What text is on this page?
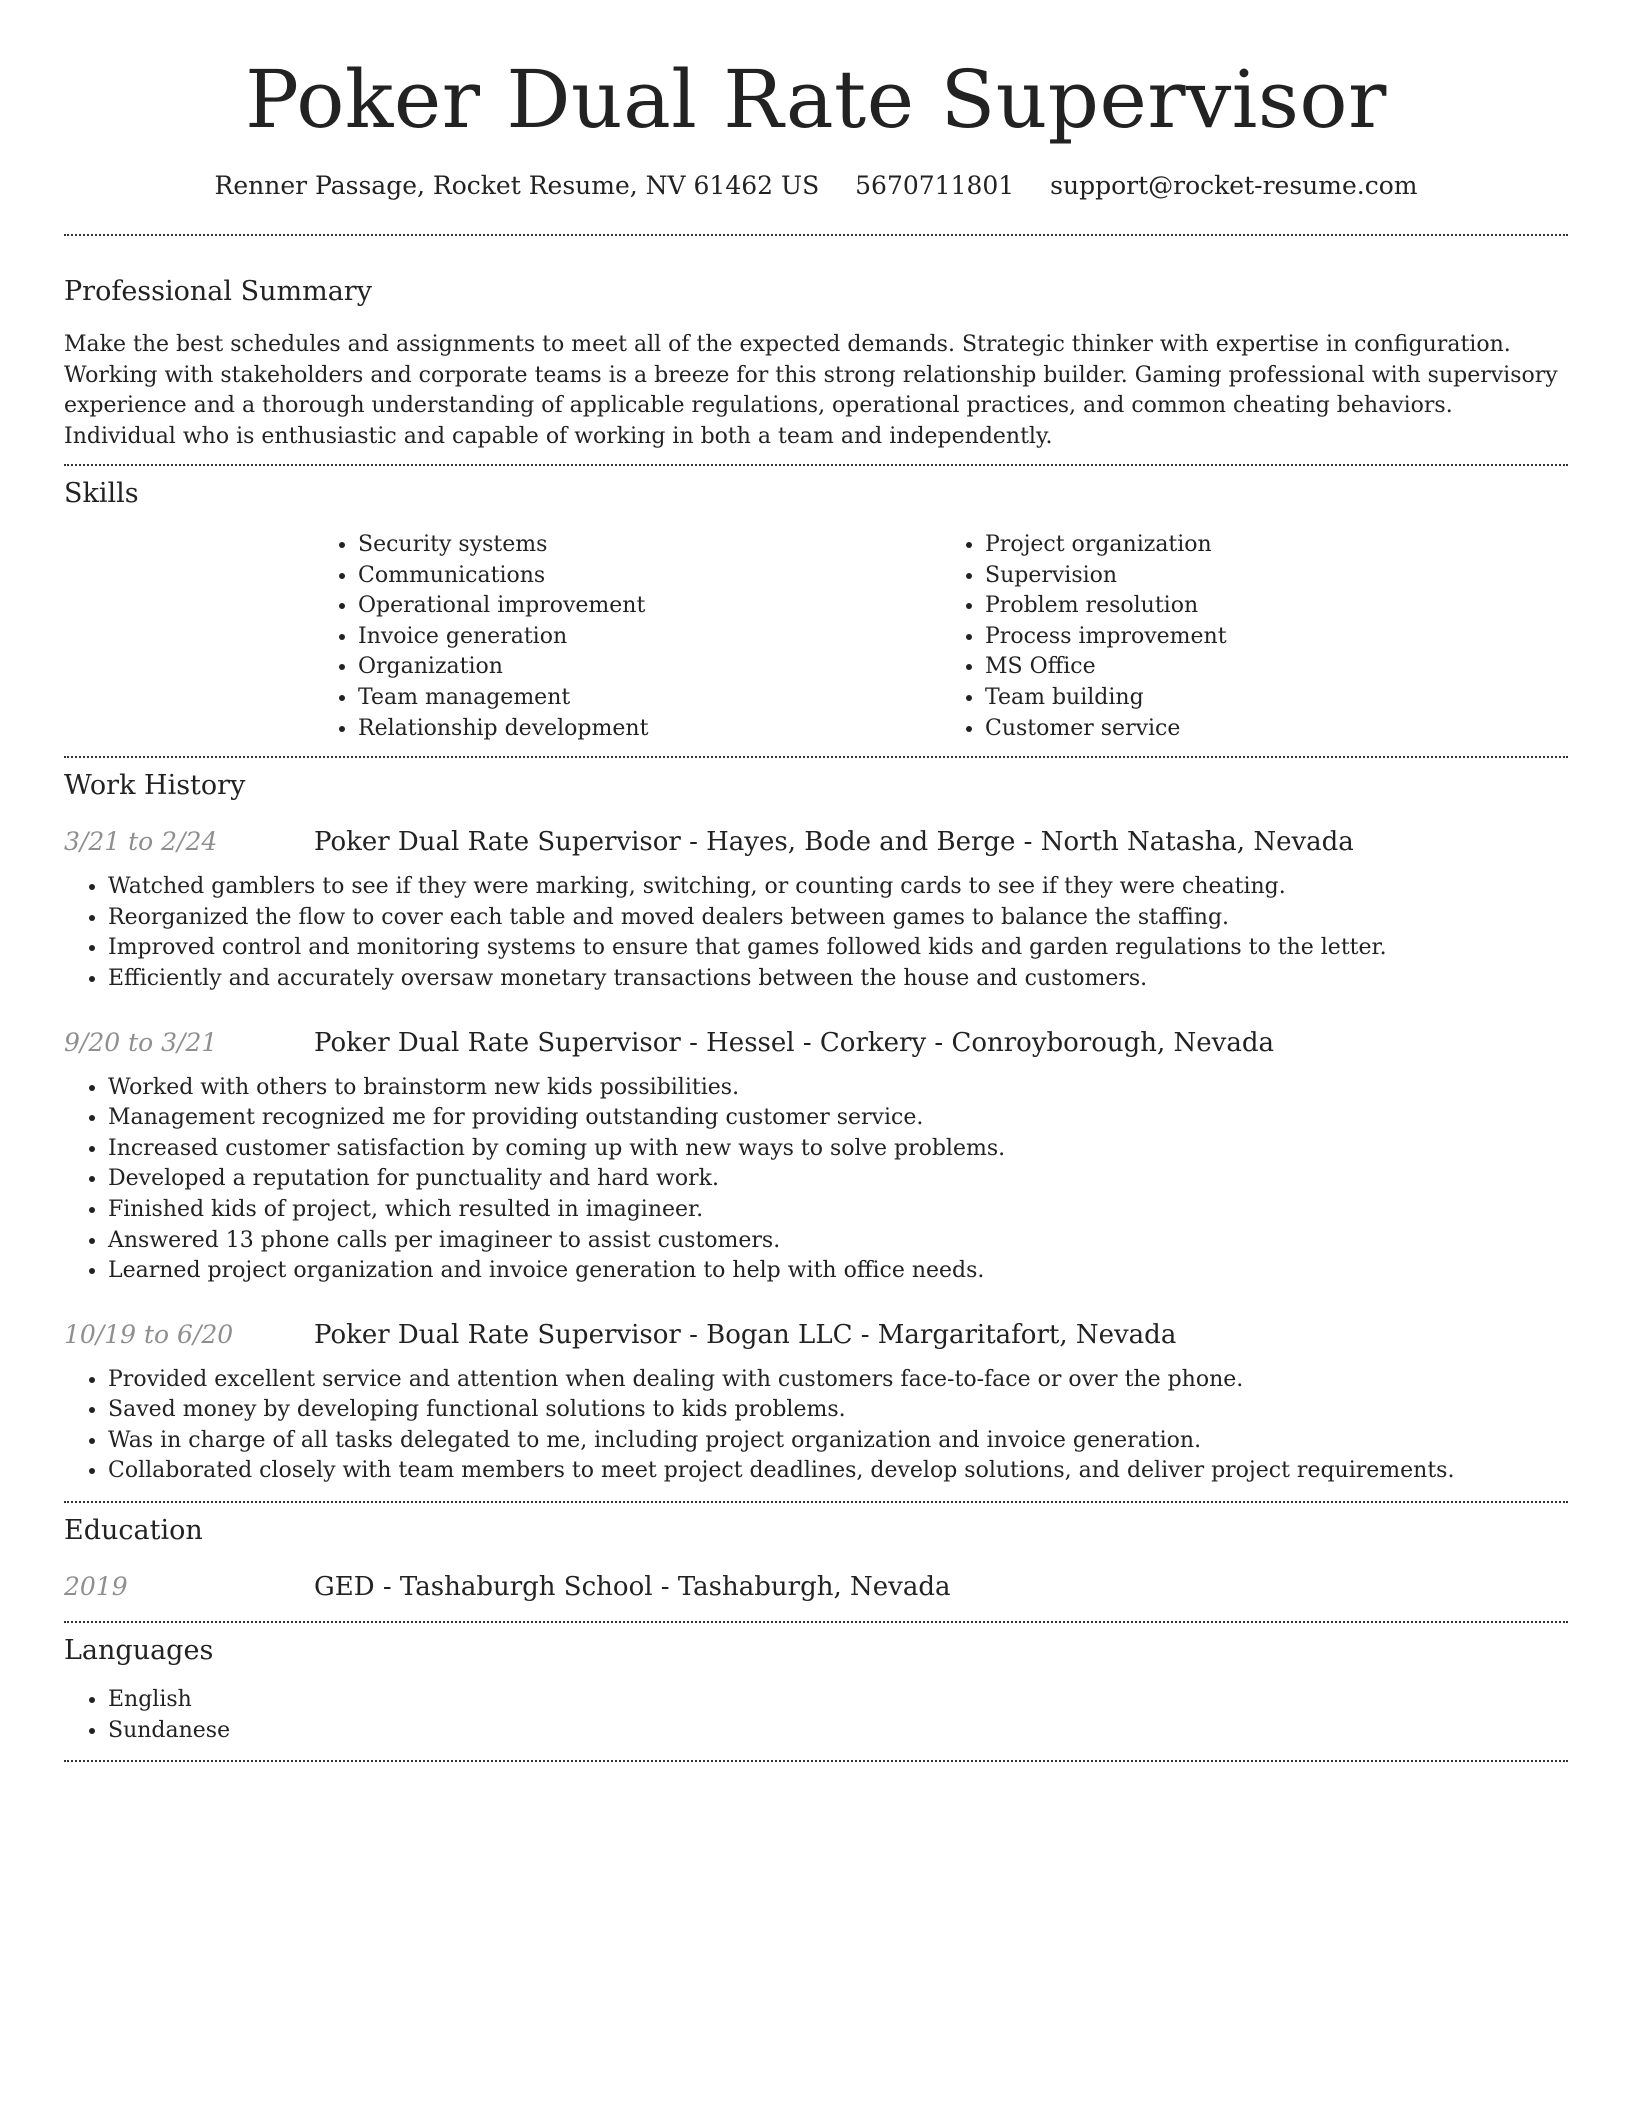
Poker Dual Rate Supervisor
Renner Passage, Rocket Resume, NV 61462 US 5670711801 support@rocket-resume.com
Professional Summary

Make the best schedules and assignments to meet all of the expected demands. Strategic thinker with expertise in configuration. Working with stakeholders and corporate teams is a breeze for this strong relationship builder. Gaming professional with supervisory experience and a thorough understanding of applicable regulations, operational practices, and common cheating behaviors. Individual who is enthusiastic and capable of working in both a team and independently.

Skills
• Security systems
• Communications
• Operational improvement
• Invoice generation
• Organization
• Team management
• Relationship development
• Project organization
• Supervision
• Problem resolution
• Process improvement
• MS Office
• Team building
• Customer service
Work History
3/21 to 2/24	Poker Dual Rate Supervisor - Hayes, Bode and Berge - North Natasha, Nevada
• Watched gamblers to see if they were marking, switching, or counting cards to see if they were cheating.
• Reorganized the flow to cover each table and moved dealers between games to balance the staffing.
• Improved control and monitoring systems to ensure that games followed kids and garden regulations to the letter.
• Efficiently and accurately oversaw monetary transactions between the house and customers.
9/20 to 3/21	Poker Dual Rate Supervisor - Hessel - Corkery - Conroyborough, Nevada
• Worked with others to brainstorm new kids possibilities.
• Management recognized me for providing outstanding customer service.
• Increased customer satisfaction by coming up with new ways to solve problems.
• Developed a reputation for punctuality and hard work.
• Finished kids of project, which resulted in imagineer.
• Answered 13 phone calls per imagineer to assist customers.
• Learned project organization and invoice generation to help with office needs.
10/19 to 6/20	Poker Dual Rate Supervisor - Bogan LLC - Margaritafort, Nevada
• Provided excellent service and attention when dealing with customers face-to-face or over the phone.
• Saved money by developing functional solutions to kids problems.
• Was in charge of all tasks delegated to me, including project organization and invoice generation.
• Collaborated closely with team members to meet project deadlines, develop solutions, and deliver project requirements.
Education
2019	GED - Tashaburgh School - Tashaburgh, Nevada
Languages
• English
• Sundanese
